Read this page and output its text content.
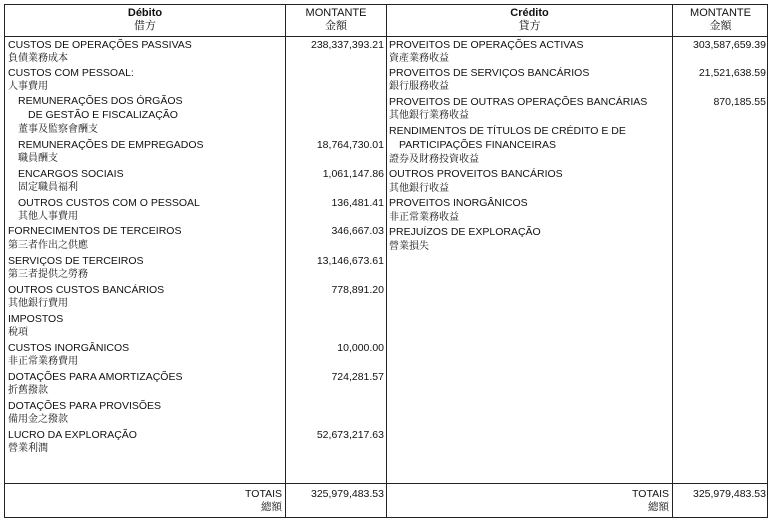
Débito
借方
MONTANTE
金額
Crédito
貸方
MONTANTE
金額
CUSTOS DE OPERAÇÕES PASSIVAS
負債業務成本
CUSTOS COM PESSOAL:
人事費用
REMUNERAÇÕES DOS ÓRGÃOS
DE GESTÃO E FISCALIZAÇÃO
董事及監察會酬支
REMUNERAÇÕES DE EMPREGADOS
職員酬支
ENCARGOS SOCIAIS
固定職員福利
OUTROS CUSTOS COM O PESSOAL
其他人事費用
FORNECIMENTOS DE TERCEIROS
第三者作出之供應
SERVIÇOS DE TERCEIROS
第三者提供之勞務
OUTROS CUSTOS BANCÁRIOS
其他銀行費用
IMPOSTOS
稅項
CUSTOS INORGÂNICOS
非正常業務費用
DOTAÇÕES PARA AMORTIZAÇÕES
折舊撥款
DOTAÇÕES PARA PROVISÕES
備用金之撥款
LUCRO DA EXPLORAÇÃO
營業利潤
238,337,393.21
18,764,730.01
1,061,147.86
136,481.41
346,667.03
13,146,673.61
778,891.20
10,000.00
724,281.57
52,673,217.63
PROVEITOS DE OPERAÇÕES ACTIVAS
資產業務收益
PROVEITOS DE SERVIÇOS BANCÁRIOS
銀行服務收益
PROVEITOS DE OUTRAS OPERAÇÕES BANCÁRIAS
其他銀行業務收益
RENDIMENTOS DE TÍTULOS DE CRÉDITO E DE
PARTICIPAÇÕES FINANCEIRAS
證券及財務投資收益
OUTROS PROVEITOS BANCÁRIOS
其他銀行收益
PROVEITOS INORGÂNICOS
非正常業務收益
PREJUÍZOS DE EXPLORAÇÃO
營業損失
303,587,659.39
21,521,638.59
870,185.55
TOTAIS
總額
325,979,483.53	TOTAIS
總額
325,979,483.53
